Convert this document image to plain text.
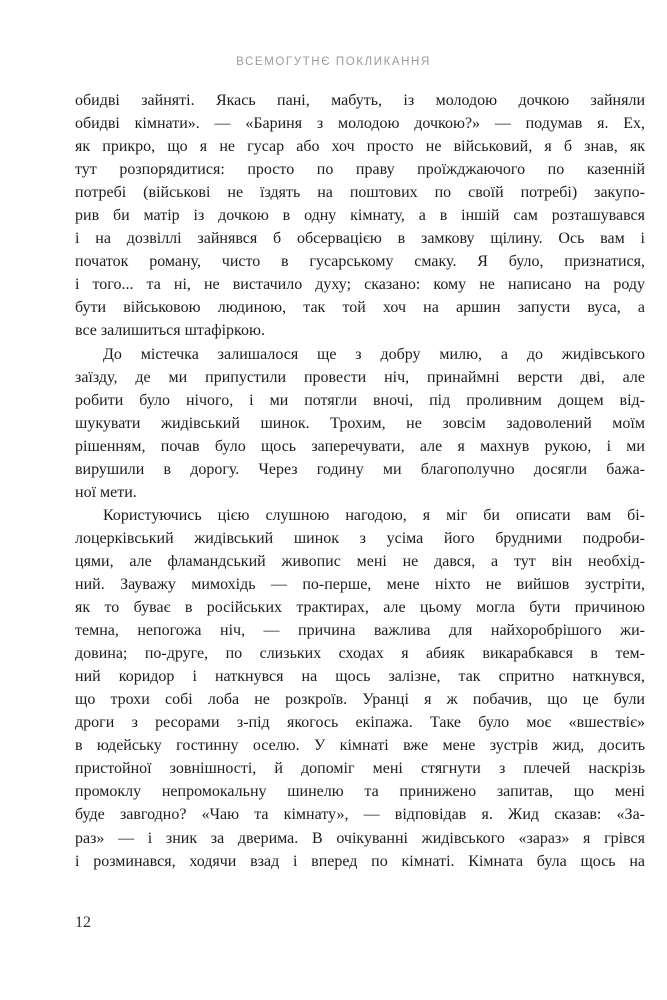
ВСЕМОГУТНЄ ПОКЛИКАННЯ
обидві зайняті. Якась пані, мабуть, із молодою дочкою зайняли
обидві кімнати». — «Бариня з молодою дочкою?» — подумав я. Ех,
як прикро, що я не гусар або хоч просто не військовий, я б знав, як
тут розпорядитися: просто по праву проїжджаючого по казенній
потребі (військові не їздять на поштових по своїй потребі) закупо-
рив би матір із дочкою в одну кімнату, а в іншій сам розташувався
і на дозвіллі зайнявся б обсервацією в замкову щілину. Ось вам і
початок роману, чисто в гусарському смаку. Я було, признатися,
і того... та ні, не вистачило духу; сказано: кому не написано на роду
бути військовою людиною, так той хоч на аршин запусти вуса, а
все залишиться штафіркою.
До містечка залишалося ще з добру милю, а до жидівського
заїзду, де ми припустили провести ніч, принаймні версти дві, але
робити було нічого, і ми потягли вночі, під проливним дощем від-
шукувати жидівський шинок. Трохим, не зовсім задоволений моїм
рішенням, почав було щось заперечувати, але я махнув рукою, і ми
вирушили в дорогу. Через годину ми благополучно досягли бажа-
ної мети.
Користуючись цією слушною нагодою, я міг би описати вам бі-
лоцерківський жидівський шинок з усіма його брудними подроби-
цями, але фламандський живопис мені не дався, а тут він необхід-
ний. Зауважу мимохідь — по-перше, мене ніхто не вийшов зустріти,
як то буває в російських трактирах, але цьому могла бути причиною
темна, непогожа ніч, — причина важлива для найхоробрішого жи-
довина; по-друге, по слизьких сходах я абияк викарабкався в тем-
ний коридор і наткнувся на щось залізне, так спритно наткнувся,
що трохи собі лоба не розкроїв. Уранці я ж побачив, що це були
дроги з ресорами з-під якогось екіпажа. Таке було моє «вшествіє»
в юдейську гостинну оселю. У кімнаті вже мене зустрів жид, досить
пристойної зовнішності, й допоміг мені стягнути з плечей наскрізь
промоклу непромокальну шинелю та принижено запитав, що мені
буде завгодно? «Чаю та кімнату», — відповідав я. Жид сказав: «За-
раз» — і зник за дверима. В очікуванні жидівського «зараз» я грівся
і розминався, ходячи взад і вперед по кімнаті. Кімната була щось на
12
